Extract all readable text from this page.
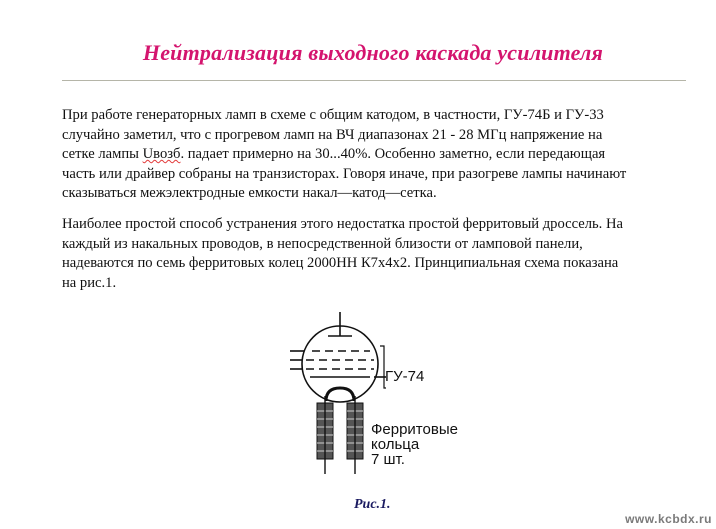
Нейтрализация выходного каскада усилителя
При работе генераторных ламп в схеме с общим катодом, в частности, ГУ-74Б и ГУ-33
случайно заметил, что с прогревом ламп на ВЧ диапазонах 21 - 28 МГц напряжение на
сетке лампы Uвозб. падает примерно на 30...40%. Особенно заметно, если передающая
часть или драйвер собраны на транзисторах. Говоря иначе, при разогреве лампы начинают
сказываться межэлектродные емкости накал—катод—сетка.
Наиболее простой способ устранения этого недостатка простой ферритовый дроссель. На
каждый из накальных проводов, в непосредственной близости от ламповой панели,
надеваются по семь ферритовых колец 2000НН К7х4х2. Принципиальная схема показана
на рис.1.
ГУ-74
Ферритовые
кольца
7 шт.
Рис.1.
www.kcbdx.ru
